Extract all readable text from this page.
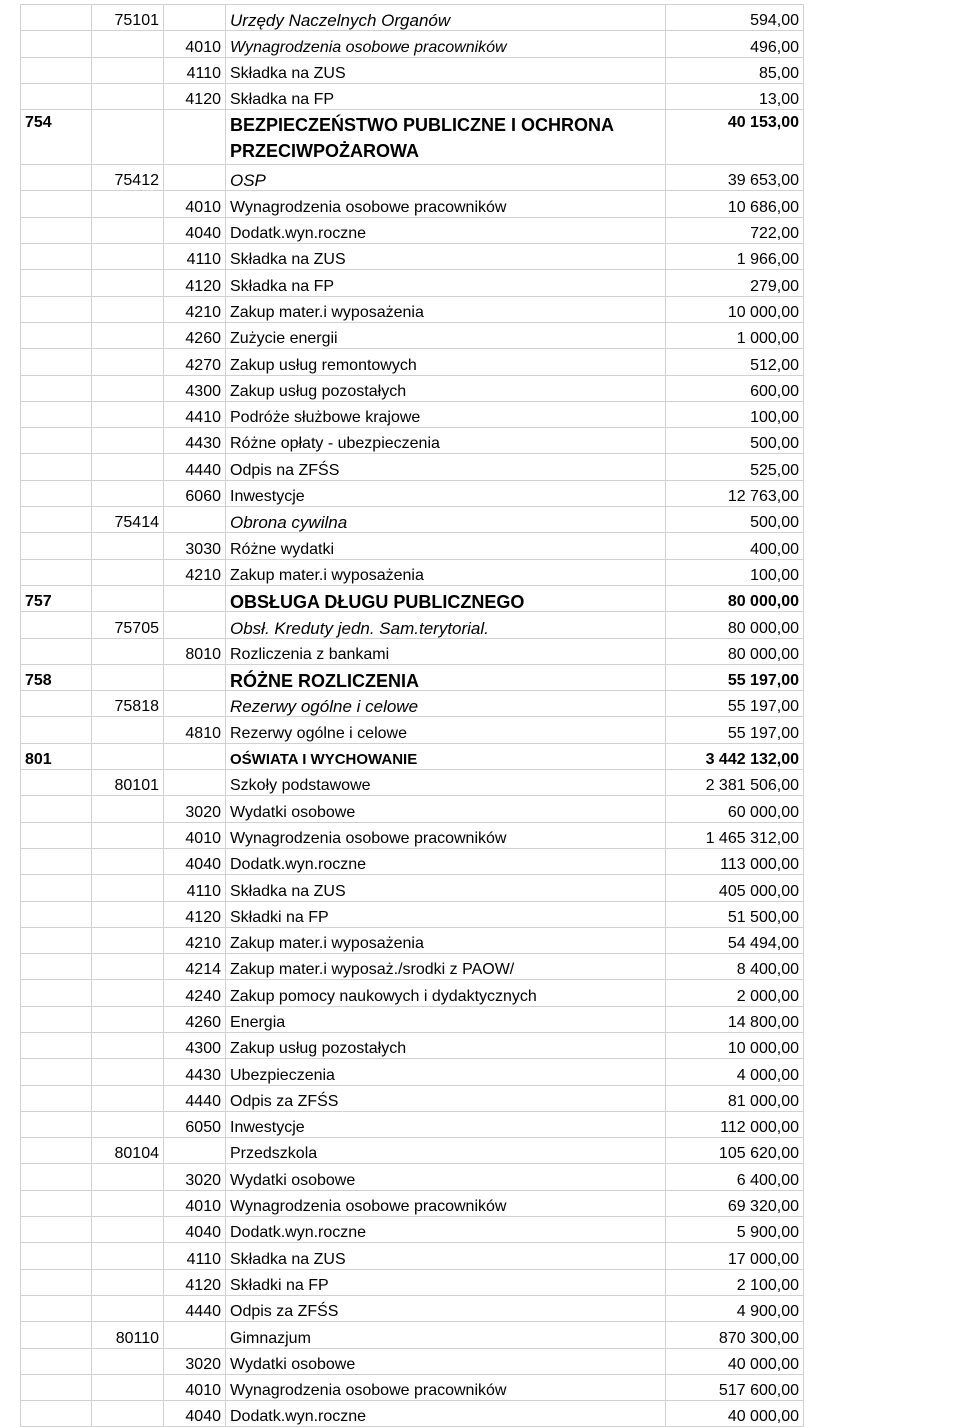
	75101		Urzędy Naczelnych Organów	594,00
		4010	Wynagrodzenia osobowe pracowników	496,00
		4110	Składka na ZUS	85,00
		4120	Składka na FP	13,00
754			BEZPIECZEŃSTWO PUBLICZNE I OCHRONA PRZECIWPOŻAROWA	40 153,00
	75412		OSP	39 653,00
		4010	Wynagrodzenia osobowe pracowników	10 686,00
		4040	Dodatk.wyn.roczne	722,00
		4110	Składka na ZUS	1 966,00
		4120	Składka na FP	279,00
		4210	Zakup mater.i wyposażenia	10 000,00
		4260	Zużycie energii	1 000,00
		4270	Zakup usług remontowych	512,00
		4300	Zakup usług pozostałych	600,00
		4410	Podróże służbowe krajowe	100,00
		4430	Różne opłaty - ubezpieczenia	500,00
		4440	Odpis na ZFŚS	525,00
		6060	Inwestycje	12 763,00
	75414		Obrona cywilna	500,00
		3030	Różne wydatki	400,00
		4210	Zakup mater.i wyposażenia	100,00
757			OBSŁUGA DŁUGU PUBLICZNEGO	80 000,00
	75705		Obsł. Kreduty jedn. Sam.terytorial.	80 000,00
		8010	Rozliczenia z bankami	80 000,00
758			RÓŻNE ROZLICZENIA	55 197,00
	75818		Rezerwy ogólne i celowe	55 197,00
		4810	Rezerwy ogólne i celowe	55 197,00
801			OŚWIATA I WYCHOWANIE	3 442 132,00
	80101		Szkoły podstawowe	2 381 506,00
		3020	Wydatki osobowe	60 000,00
		4010	Wynagrodzenia osobowe pracowników	1 465 312,00
		4040	Dodatk.wyn.roczne	113 000,00
		4110	Składka na ZUS	405 000,00
		4120	Składki na FP	51 500,00
		4210	Zakup mater.i wyposażenia	54 494,00
		4214	Zakup mater.i wyposaż./srodki z PAOW/	8 400,00
		4240	Zakup pomocy naukowych i dydaktycznych	2 000,00
		4260	Energia	14 800,00
		4300	Zakup usług pozostałych	10 000,00
		4430	Ubezpieczenia	4 000,00
		4440	Odpis za ZFŚS	81 000,00
		6050	Inwestycje	112 000,00
	80104		Przedszkola	105 620,00
		3020	Wydatki osobowe	6 400,00
		4010	Wynagrodzenia osobowe pracowników	69 320,00
		4040	Dodatk.wyn.roczne	5 900,00
		4110	Składka na ZUS	17 000,00
		4120	Składki na FP	2 100,00
		4440	Odpis za ZFŚS	4 900,00
	80110		Gimnazjum	870 300,00
		3020	Wydatki osobowe	40 000,00
		4010	Wynagrodzenia osobowe pracowników	517 600,00
		4040	Dodatk.wyn.roczne	40 000,00
